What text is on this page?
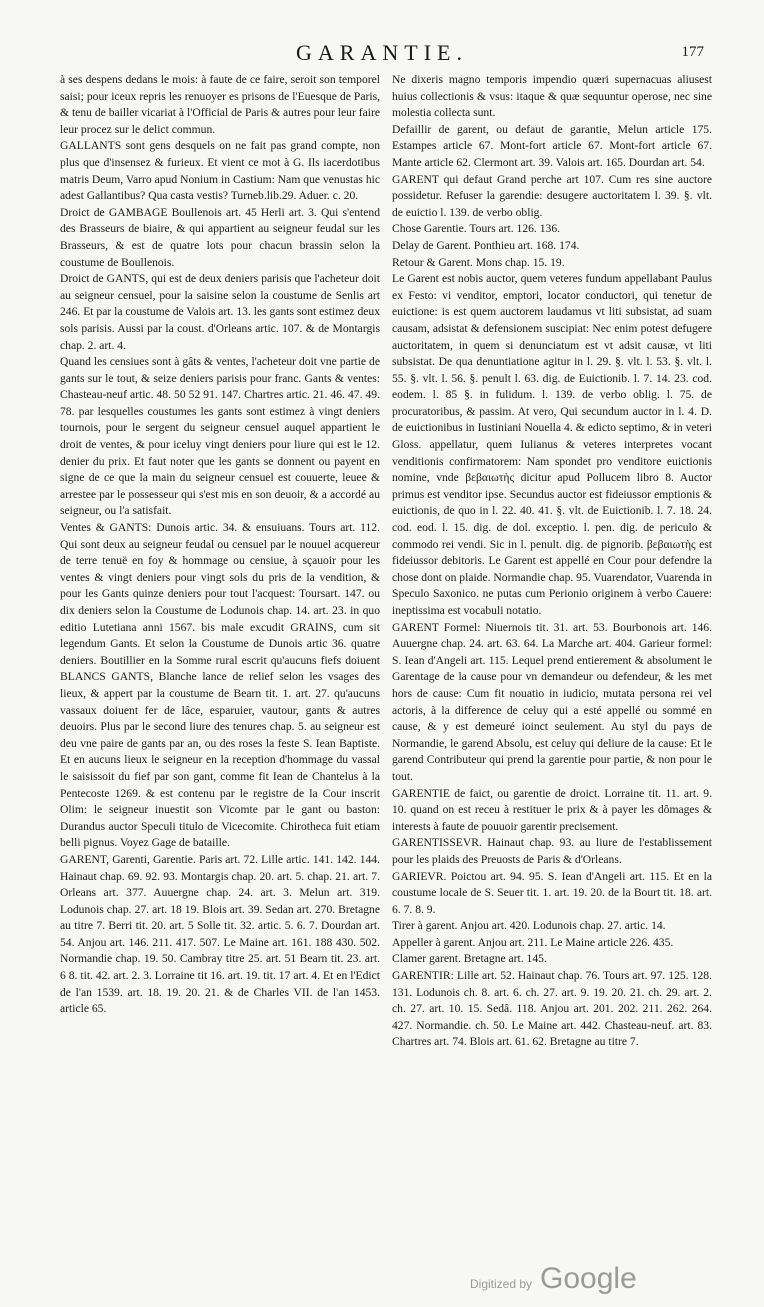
GARANTIE.	177

à ses despens dedans le mois: à faute de ce faire, seroit son temporel saisi; pour iceux repris les renuoyer es prisons de l'Euesque de Paris, & tenu de bailler vicariat à l'Official de Paris & autres pour leur faire leur procez sur le delict commun.

GALLANTS sont gens desquels on ne fait pas grand compte, non plus que d'insensez & furieux. Et vient ce mot à G. Ils iacerdotibus matris Deum, Varro apud Nonium in Castium: Nam que venustas hic adest Gallantibus? Qua casta vestis? Turneb.lib.29. Aduer. c. 20.

Droict de GAMBAGE Boullenois art. 45 Herli art. 3. Qui s'entend des Brasseurs de biaire, & qui appartient au seigneur feudal sur les Brasseurs, & est de quatre lots pour chacun brassin selon la coustume de Boullenois.

Droict de GANTS, qui est de deux deniers parisis que l'acheteur doit au seigneur censuel, pour la saisine selon la coustume de Senlis art 246. Et par la coustume de Valois art. 13. les gants sont estimez deux sols parisis. Aussi par la coust. d'Orleans artic. 107. & de Montargis chap. 2. art. 4.

Quand les censiues sont à gâts & ventes, l'acheteur doit vne partie de gants sur le tout, & seize deniers parisis pour franc. Gants & ventes: Chasteau-neuf artic. 48. 50 52 91. 147. Chartres artic. 21. 46. 47. 49. 78. par lesquelles coustumes les gants sont estimez à vingt deniers tournois, pour le sergent du seigneur censuel auquel appartient le droit de ventes, & pour iceluy vingt deniers pour liure qui est le 12. denier du prix. Et faut noter que les gants se donnent ou payent en signe de ce que la main du seigneur censuel est couuerte, leuee & arrestee par le possesseur qui s'est mis en son deuoir, & a accordé au seigneur, ou l'a satisfait.

Ventes & GANTS: Dunois artic. 34. & ensuiuans. Tours art. 112. Qui sont deux au seigneur feudal ou censuel par le nouuel acquereur de terre tenuë en foy & hommage ou censiue, à sçauoir pour les ventes & vingt deniers pour vingt sols du pris de la vendition, & pour les Gants quinze deniers pour tout l'acquest: Toursart. 147. ou dix deniers selon la Coustume de Lodunois chap. 14. art. 23. in quo editio Lutetiana anni 1567. bis male excudit GRAINS, cum sit legendum Gants. Et selon la Coustume de Dunois artic 36. quatre deniers. Boutillier en la Somme rural escrit qu'aucuns fiefs doiuent BLANCS GANTS, Blanche lance de relief selon les vsages des lieux, & appert par la coustume de Bearn tit. 1. art. 27. qu'aucuns vassaux doiuent fer de lâce, esparuier, vautour, gants & autres deuoirs. Plus par le second liure des tenures chap. 5. au seigneur est deu vne paire de gants par an, ou des roses la feste S. Iean Baptiste. Et en aucuns lieux le seigneur en la reception d'hommage du vassal le saisissoit du fief par son gant, comme fit Iean de Chantelus à la Pentecoste 1269. & est contenu par le registre de la Cour inscrit Olim: le seigneur inuestit son Vicomte par le gant ou baston: Durandus auctor Speculi titulo de Vicecomite. Chirotheca fuit etiam belli pignus. Voyez Gage de bataille.

GARENT, Garenti, Garentie. Paris art. 72. Lille artic. 141. 142. 144. Hainaut chap. 69. 92. 93. Montargis chap. 20. art. 5. chap. 21. art. 7. Orleans art. 377. Auuergne chap. 24. art. 3. Melun art. 319. Lodunois chap. 27. art. 18 19. Blois art. 39. Sedan art. 270. Bretagne au titre 7. Berri tit. 20. art. 5 Solle tit. 32. artic. 5. 6. 7. Dourdan art. 54. Anjou art. 146. 211. 417. 507. Le Maine art. 161. 188 430. 502. Normandie chap. 19. 50. Cambray titre 25. art. 51 Bearn tit. 23. art. 6 8. tit. 42. art. 2. 3. Lorraine tit 16. art. 19. tit. 17 art. 4. Et en l'Edict de l'an 1539. art. 18. 19. 20. 21. & de Charles VII. de l'an 1453. article 65.

Ne dixeris magno temporis impendio quæri supernacuas aliusest huius collectionis & vsus: itaque & quæ sequuntur operose, nec sine molestia collecta sunt.

Defaillir de garent, ou defaut de garantie, Melun article 175. Estampes article 67. Mont-fort article 67. Mont-fort article 67. Mante article 62. Clermont art. 39. Valois art. 165. Dourdan art. 54.

GARENT qui defaut Grand perche art 107. Cum res sine auctore possidetur. Refuser la garendie: desugere auctoritatem l. 39. §. vlt. de euictio l. 139. de verbo oblig.

Chose Garentie. Tours art. 126. 136.

Delay de Garent. Ponthieu art. 168. 174.

Retour & Garent. Mons chap. 15. 19.

Le Garent est nobis auctor, quem veteres fundum appellabant Paulus ex Festo: vi venditor, emptori, locator conductori, qui tenetur de euictione: is est quem auctorem laudamus vt liti subsistat, ad suam causam, adsistat & defensionem suscipiat: Nec enim potest defugere auctoritatem, in quem si denunciatum est vt adsit causæ, vt liti subsistat. De qua denuntiatione agitur in l. 29. §. vlt. l. 53. §. vlt. l. 55. §. vlt. l. 56. §. penult l. 63. dig. de Euictionib. l. 7. 14. 23. cod. eodem. l. 85 §. in fulidum. l. 139. de verbo oblig. l. 75. de procuratoribus, & passim. At vero, Qui secundum auctor in l. 4. D. de euictionibus in Iustiniani Nouella 4. & edicto septimo, & in veteri Gloss. appellatur, quem Iulianus & veteres interpretes vocant venditionis confirmatorem: Nam spondet pro venditore euictionis nomine, vnde βεβαιωτὴς dicitur apud Pollucem libro 8. Auctor primus est venditor ipse. Secundus auctor est fideiussor emptionis & euictionis, de quo in l. 22. 40. 41. §. vlt. de Euictionib. l. 7. 18. 24. cod. eod. l. 15. dig. de dol. exceptio. l. pen. dig. de periculo & commodo rei vendi. Sic in l. penult. dig. de pignorib. βεβαιωτὴς est fideiussor debitoris. Le Garent est appellé en Cour pour defendre la chose dont on plaide. Normandie chap. 95. Vuarendator, Vuarenda in Speculo Saxonico. ne putas cum Perionio originem à verbo Cauere: ineptissima est vocabuli notatio.

GARENT Formel: Niuernois tit. 31. art. 53. Bourbonois art. 146. Auuergne chap. 24. art. 63. 64. La Marche art. 404. Garieur formel: S. Iean d'Angeli art. 115. Lequel prend entierement & absolument le Garentage de la cause pour vn demandeur ou defendeur, & les met hors de cause: Cum fit nouatio in iudicio, mutata persona rei vel actoris, à la difference de celuy qui a esté appellé ou sommé en cause, & y est demeuré ioinct seulement. Au styl du pays de Normandie, le garend Absolu, est celuy qui deliure de la cause: Et le garend Contributeur qui prend la garentie pour partie, & non pour le tout.

GARENTIE de faict, ou garentie de droict. Lorraine tit. 11. art. 9. 10. quand on est receu à restituer le prix & à payer les dômages & interests à faute de pouuoir garentir precisement.

GARENTISSEVR. Hainaut chap. 93. au liure de l'establissement pour les plaids des Preuosts de Paris & d'Orleans.

GARIEVR. Poictou art. 94. 95. S. Iean d'Angeli art. 115. Et en la coustume locale de S. Seuer tit. 1. art. 19. 20. de la Bourt tit. 18. art. 6. 7. 8. 9.

Tirer à garent. Anjou art. 420. Lodunois chap. 27. artic. 14.

Appeller à garent. Anjou art. 211. Le Maine article 226. 435.

Clamer garent. Bretagne art. 145.

GARENTIR: Lille art. 52. Hainaut chap. 76. Tours art. 97. 125. 128. 131. Lodunois ch. 8. art. 6. ch. 27. art. 9. 19. 20. 21. ch. 29. art. 2. ch. 27. art. 10. 15. Sedâ. 118. Anjou art. 201. 202. 211. 262. 264. 427. Normandie. ch. 50. Le Maine art. 442. Chasteau-neuf. art. 83. Chartres art. 74. Blois art. 61. 62. Bretagne au titre 7.

Digitized by Google
